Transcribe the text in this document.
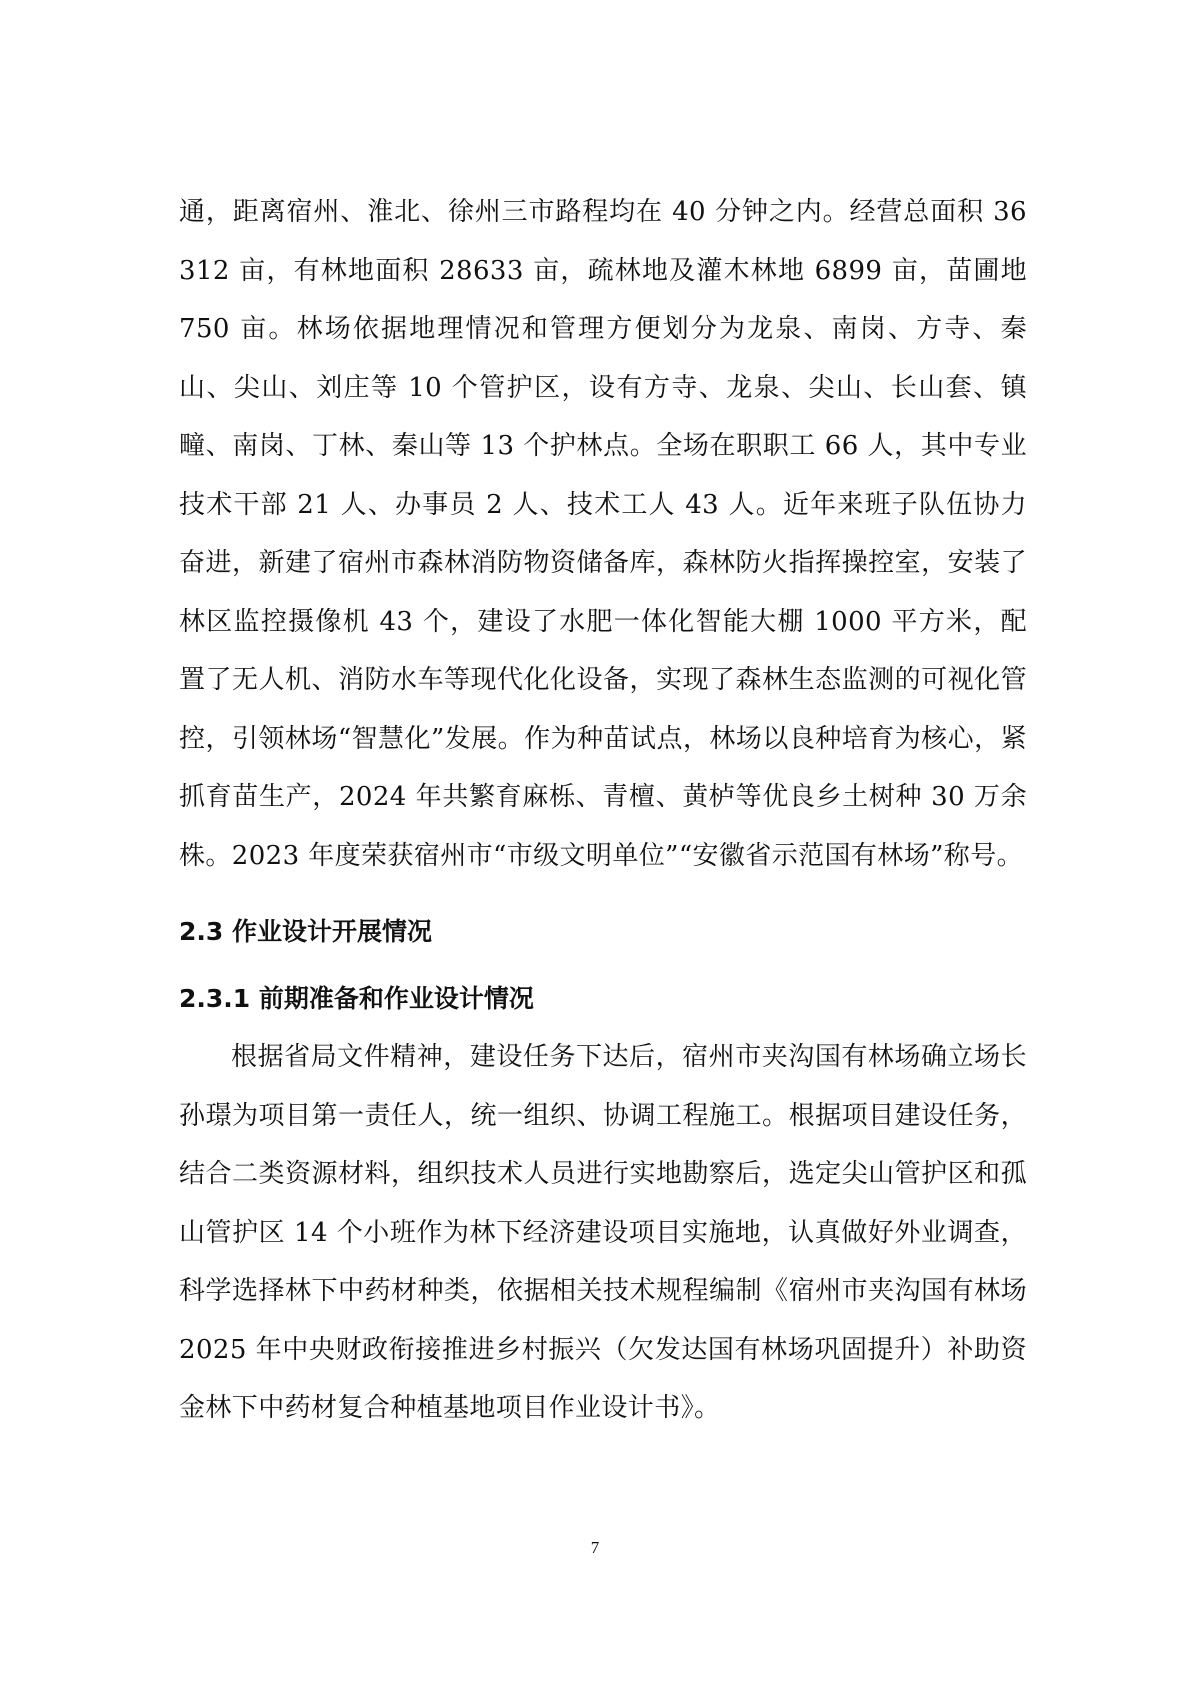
通，距离宿州、淮北、徐州三市路程均在 40 分钟之内。经营总面积 36312 亩，有林地面积 28633 亩，疏林地及灌木林地 6899 亩，苗圃地 750 亩。林场依据地理情况和管理方便划分为龙泉、南岗、方寺、秦山、尖山、刘庄等 10 个管护区，设有方寺、龙泉、尖山、长山套、镇疃、南岗、丁林、秦山等 13 个护林点。全场在职职工 66 人，其中专业技术干部 21 人、办事员 2 人、技术工人 43 人。近年来班子队伍协力奋进，新建了宿州市森林消防物资储备库，森林防火指挥操控室，安装了林区监控摄像机 43 个，建设了水肥一体化智能大棚 1000 平方米，配置了无人机、消防水车等现代化化设备，实现了森林生态监测的可视化管控，引领林场“智慧化”发展。作为种苗试点，林场以良种培育为核心，紧抓育苗生产，2024 年共繁育麻栎、青檀、黄栌等优良乡土树种 30 万余株。2023 年度荣获宿州市“市级文明单位”“安徽省示范国有林场”称号。

2.3 作业设计开展情况
2.3.1 前期准备和作业设计情况

根据省局文件精神，建设任务下达后，宿州市夹沟国有林场确立场长孙璟为项目第一责任人，统一组织、协调工程施工。根据项目建设任务，结合二类资源材料，组织技术人员进行实地勘察后，选定尖山管护区和孤山管护区 14 个小班作为林下经济建设项目实施地，认真做好外业调查，科学选择林下中药材种类，依据相关技术规程编制《宿州市夹沟国有林场 2025 年中央财政衔接推进乡村振兴（欠发达国有林场巩固提升）补助资金林下中药材复合种植基地项目作业设计书》。

7
